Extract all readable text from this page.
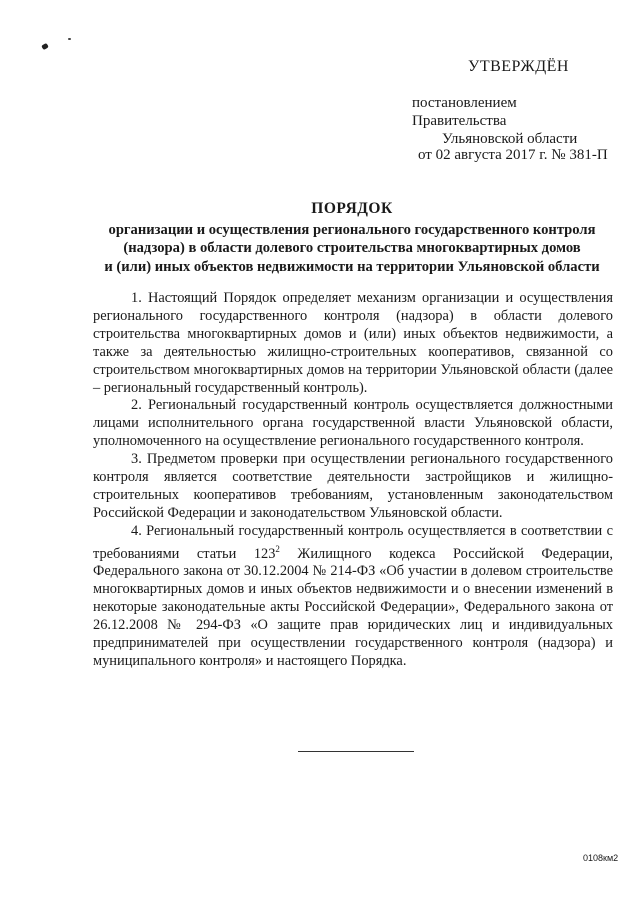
УТВЕРЖДЁН
постановлением Правительства
Ульяновской области
от 02 августа 2017 г. № 381-П
ПОРЯДОК
организации и осуществления регионального государственного контроля
(надзора) в области долевого строительства многоквартирных домов
и (или) иных объектов недвижимости на территории Ульяновской области

1. Настоящий Порядок определяет механизм организации и осуществления регионального государственного контроля (надзора) в области долевого строительства многоквартирных домов и (или) иных объектов недвижимости, а также за деятельностью жилищно-строительных кооперативов, связанной со строительством многоквартирных домов на территории Ульяновской области (далее – региональный государственный контроль).

2. Региональный государственный контроль осуществляется должностными лицами исполнительного органа государственной власти Ульяновской области, уполномоченного на осуществление регионального государственного контроля.

3. Предметом проверки при осуществлении регионального государственного контроля является соответствие деятельности застройщиков и жилищно-строительных кооперативов требованиям, установленным законодательством Российской Федерации и законодательством Ульяновской области.

4. Региональный государственный контроль осуществляется в соответствии с требованиями статьи $123^2$ Жилищного кодекса Российской Федерации, Федерального закона от 30.12.2004 № 214-ФЗ «Об участии в долевом строительстве многоквартирных домов и иных объектов недвижимости и о внесении изменений в некоторые законодательные акты Российской Федерации», Федерального закона от 26.12.2008 № 294-ФЗ «О защите прав юридических лиц и индивидуальных предпринимателей при осуществлении государственного контроля (надзора) и муниципального контроля» и настоящего Порядка.

0108км2
